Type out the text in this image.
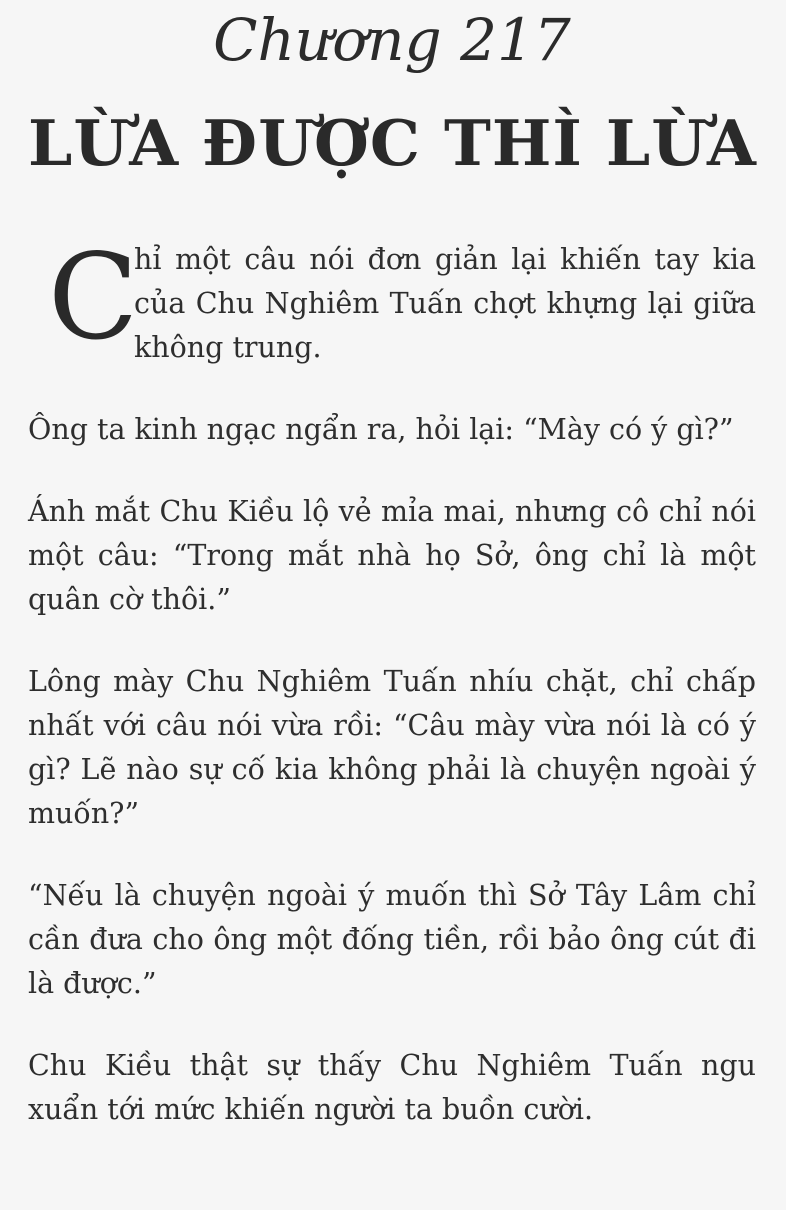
Chương 217
LỪA ĐƯỢC THÌ LỪA

C
hỉ một câu nói đơn giản lại khiến tay kia của Chu Nghiêm Tuấn chợt khựng lại giữa không trung.

Ông ta kinh ngạc ngẩn ra, hỏi lại: “Mày có ý gì?”

Ánh mắt Chu Kiều lộ vẻ mỉa mai, nhưng cô chỉ nói một câu: “Trong mắt nhà họ Sở, ông chỉ là một quân cờ thôi.”

Lông mày Chu Nghiêm Tuấn nhíu chặt, chỉ chấp nhất với câu nói vừa rồi: “Câu mày vừa nói là có ý gì? Lẽ nào sự cố kia không phải là chuyện ngoài ý muốn?”

“Nếu là chuyện ngoài ý muốn thì Sở Tây Lâm chỉ cần đưa cho ông một đống tiền, rồi bảo ông cút đi là được.”

Chu Kiều thật sự thấy Chu Nghiêm Tuấn ngu xuẩn tới mức khiến người ta buồn cười.
